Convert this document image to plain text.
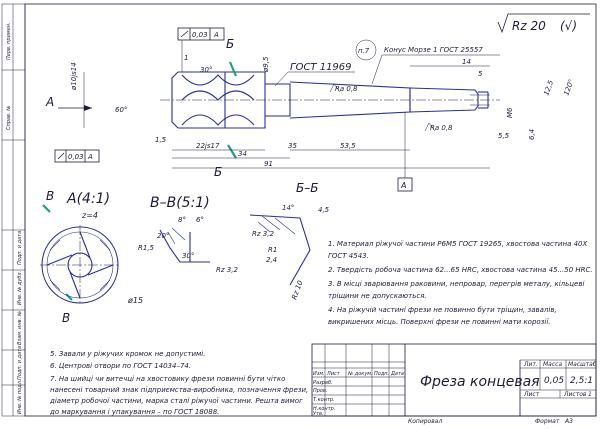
Перв. примен.
Справ. №
Подп. и дата
Инв. № дубл.
Взам. инв. №
Подп. и дата
Инв. № подл.
Rz 20 (√)
А
0,03 A
0,03 A
A
Б
Б
ø10js14	ø9,5
60°
30°
1
1,5
22js17
34
35	53,5
91
14
5
12,5 120°
M6
5,5	6,4
ГОСТ 11969
п.7 Конус Морзе 1 ГОСТ 25557
Ra 0,8
Ra 0,8
А(4:1)
В
z=4
ø15
В
В–В(5:1)
8° 6°
20°
R1,5
30°
Rz 3,2
Б–Б
14°	4,5
Rz 3,2
R1
2,4
Rz 10
1. Материал ріжучої частини Р6М5 ГОСТ 19265, хвостова частина 40Х
ГОСТ 4543.
2. Твердість робоча частина 62...65 HRC, хвостова частина 45...50 HRC.
3. В місці зварювання раковини, непровар, перегрів металу, кільцеві
тріщини не допускаються.
4. На ріжучій частині фрези не повинно бути тріщин, завалів,
викришених місць. Поверхні фрези не повинні мати корозії.
5. Завали у ріжучих кромок не допустимі.
6. Центрові отвори по ГОСТ 14034–74.
7. На шийці чи витечці на хвостовику фрези повинні бути чітко
нанесені товарний знак підприємства-виробника, позначення фрези,
діаметр робочої частини, марка сталі ріжучої частини. Решта вимог
до маркування і упакування – по ГОСТ 18088.
Фреза концевая
Лит. Масса Масштаб
0,05 2,5:1
Лист	Листов 1
Изм. Лист № докум. Подп. Дата
Разраб.
Пров.
Т.контр.
Н.контр.
Утв.
Копировал	Формат А3
